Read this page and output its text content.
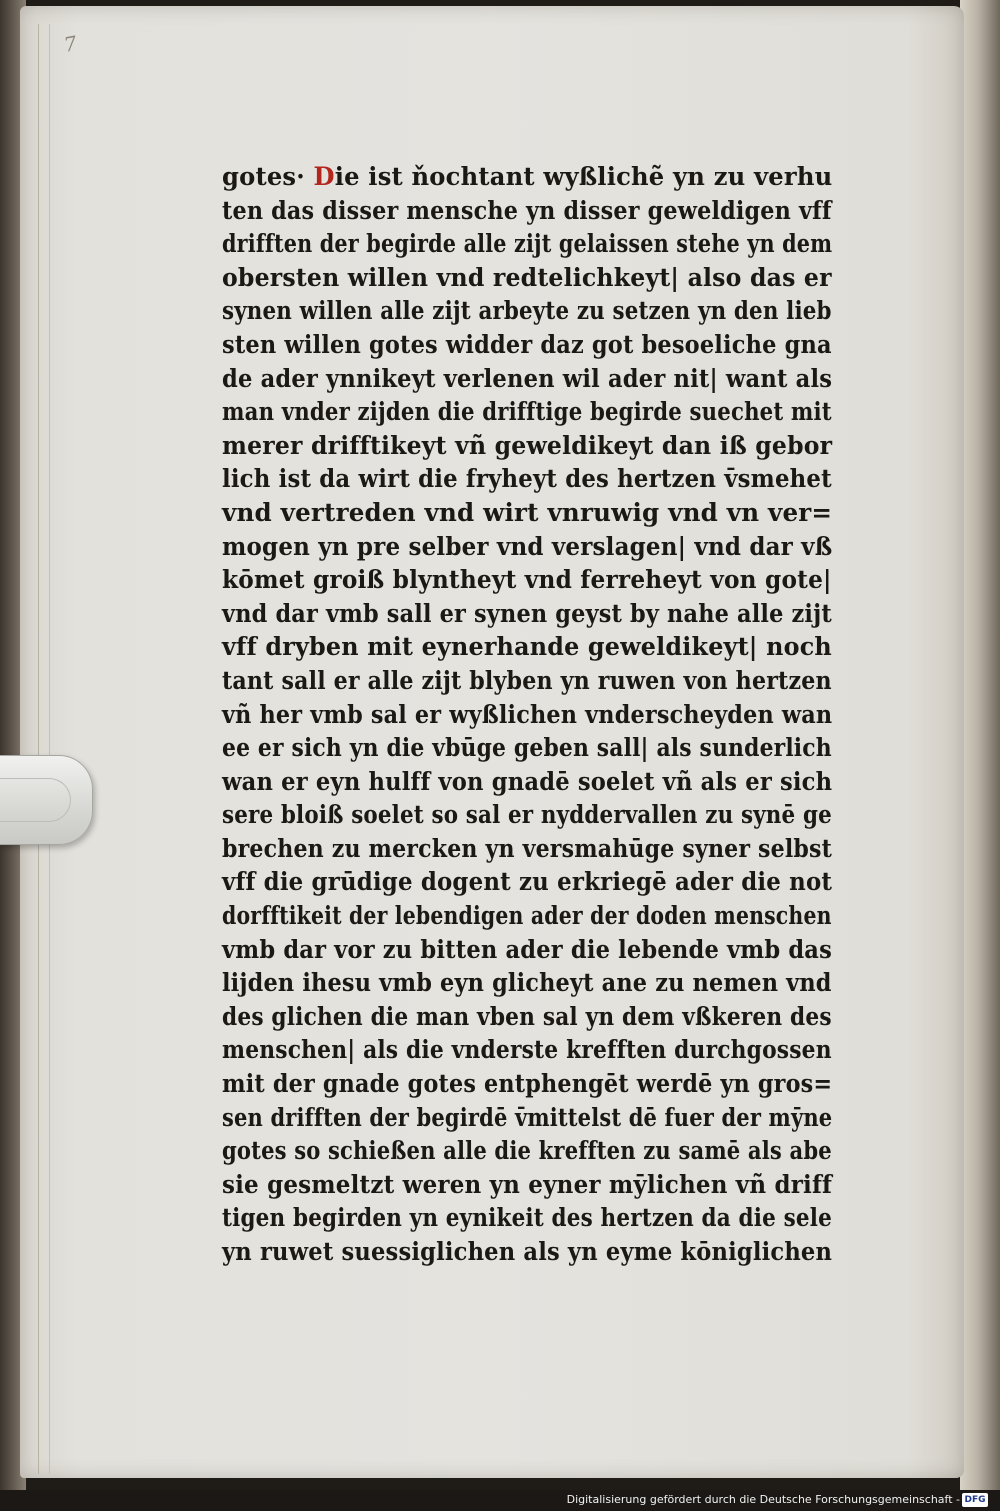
7
gotes· Die ist ňochtant wyßlichẽ yn zu verhu
ten das disser mensche yn disser geweldigen vff
drifften der begirde alle zijt gelaissen stehe yn dem
obersten willen vnd redtelichkeyt| also das er
synen willen alle zijt arbeyte zu setzen yn den lieb
sten willen gotes widder daz got besoeliche gna
de ader ynnikeyt verlenen wil ader nit| want als
man vnder zijden die drifftige begirde suechet mit
merer drifftikeyt vñ geweldikeyt dan iß gebor
lich ist da wirt die fryheyt des hertzen v̄smehet
vnd vertreden vnd wirt vnruwig vnd vn ver=
mogen yn pre selber vnd verslagen| vnd dar vß
kōmet groiß blyntheyt vnd ferreheyt von gote|
vnd dar vmb sall er synen geyst by nahe alle zijt
vff dryben mit eynerhande geweldikeyt| noch
tant sall er alle zijt blyben yn ruwen von hertzen
vñ her vmb sal er wyßlichen vnderscheyden wan
ee er sich yn die vbūge geben sall| als sunderlich
wan er eyn hulff von gnadē soelet vñ als er sich
sere bloiß soelet so sal er nyddervallen zu synē ge
brechen zu mercken yn versmahūge syner selbst
vff die grūdige dogent zu erkriegē ader die not
dorfftikeit der lebendigen ader der doden menschen
vmb dar vor zu bitten ader die lebende vmb das
lijden ihesu vmb eyn glicheyt ane zu nemen vnd
des glichen die man vben sal yn dem vßkeren des
menschen| als die vnderste krefften durchgossen
mit der gnade gotes entphengēt werdē yn gros=
sen drifften der begirdē v̄mittelst dē fuer der mȳne
gotes so schießen alle die krefften zu samē als abe
sie gesmeltzt weren yn eyner mȳlichen vñ driff
tigen begirden yn eynikeit des hertzen da die sele
yn ruwet suessiglichen als yn eyme kōniglichen
Digitalisierung gefördert durch die Deutsche Forschungsgemeinschaft - DFG
